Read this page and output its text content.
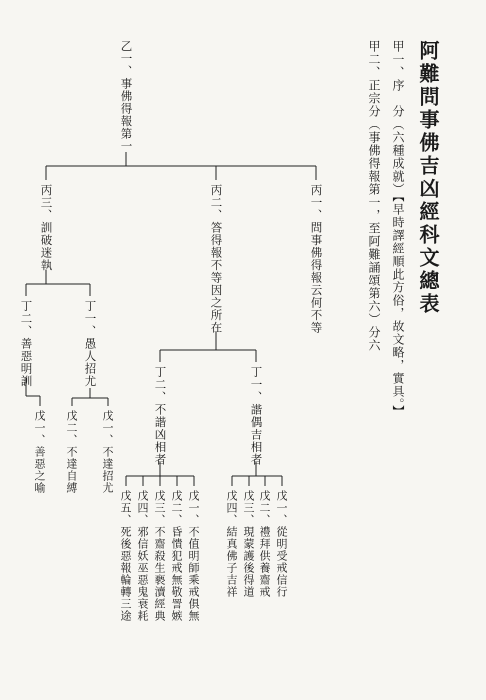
阿難問事佛吉凶經科文總表
甲一、序　分（六種成就）【早時譯經順此方俗，故文略，實具。】
甲二、正宗分（事佛得報第一，至阿難誦頌第六）分六
乙一、事佛得報第一
丙一、問事佛得報云何不等
丙二、答得報不等因之所在
丙三、訓破迷執
丁一、諧偶吉相者
丁二、不諧凶相者
丁一、愚人招尤
丁二、善惡明訓
戊一、從明受戒信行
戊二、禮拜供養齋戒
戊三、現蒙護後得道
戊四、結真佛子吉祥
戊一、不值明師乘戒俱無
戊二、昏憒犯戒無敬詈嫉
戊三、不齋殺生褻瀆經典
戊四、邪信妖巫惡鬼衰耗
戊五、死後惡報輪轉三途
戊一、不達招尤
戊二、不達自縛
戊一、善惡之喻
